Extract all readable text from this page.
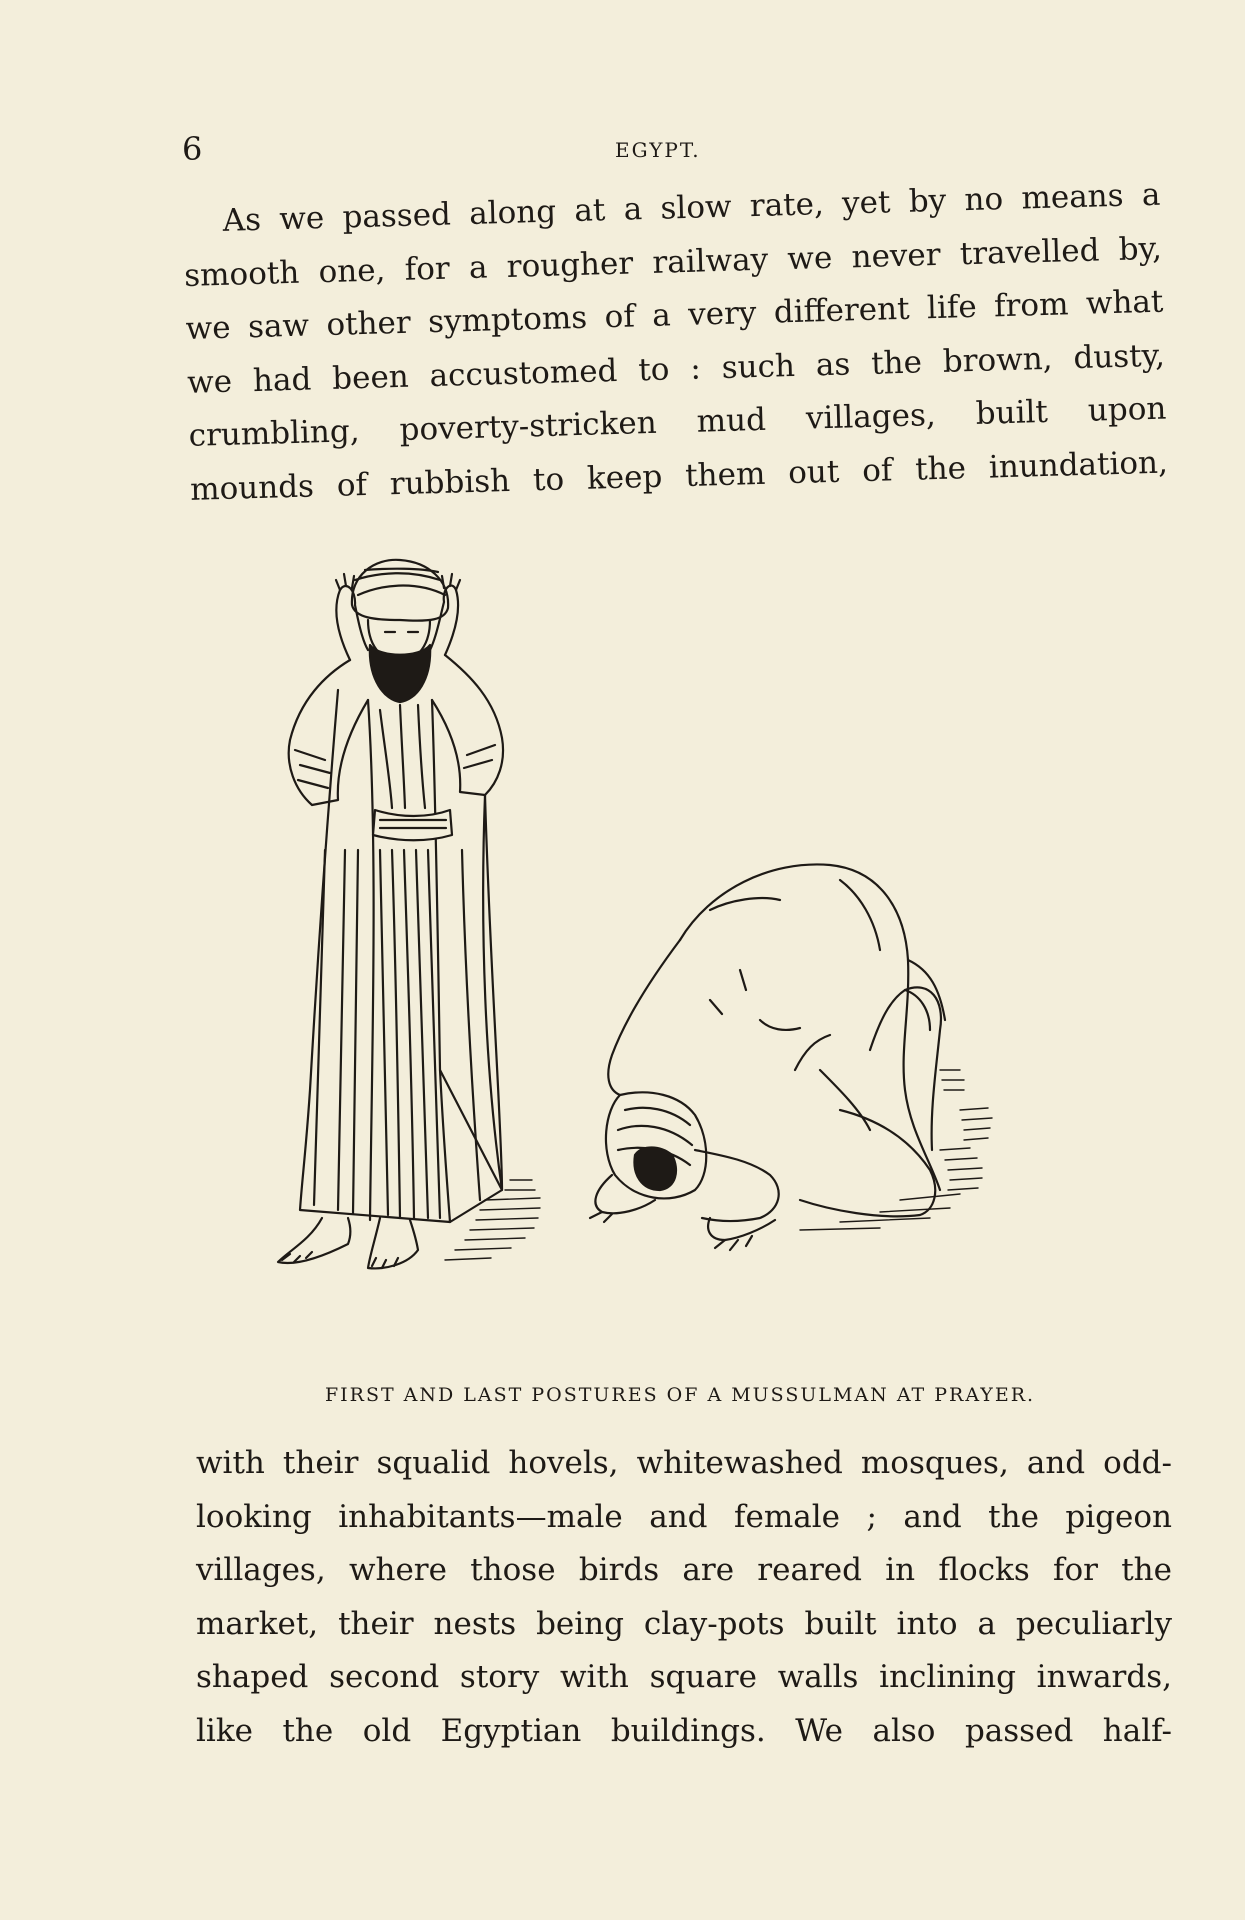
6	EGYPT.
As we passed along at a slow rate, yet by no means a
smooth one, for a rougher railway we never travelled by,
we saw other symptoms of a very different life from what
we had been accustomed to : such as the brown, dusty,
crumbling, poverty-stricken mud villages, built upon
mounds of rubbish to keep them out of the inundation,
FIRST AND LAST POSTURES OF A MUSSULMAN AT PRAYER.
with their squalid hovels, whitewashed mosques, and odd-
looking inhabitants—male and female ; and the pigeon
villages, where those birds are reared in flocks for the
market, their nests being clay-pots built into a peculiarly
shaped second story with square walls inclining inwards,
like the old Egyptian buildings. We also passed half-
